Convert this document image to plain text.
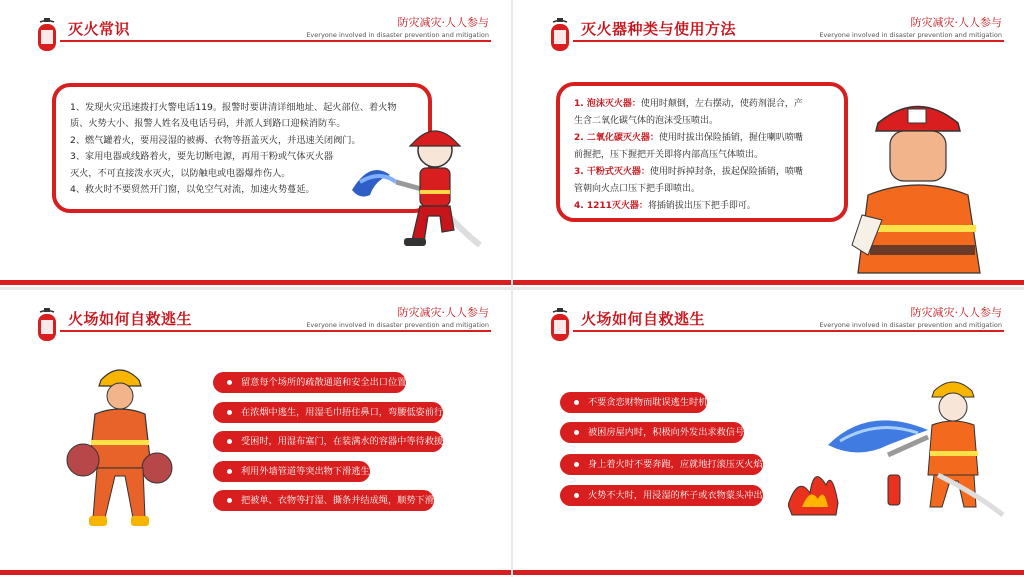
灭火常识	防灾减灾·人人参与
Everyone involved in disaster prevention and mitigation
1、发现火灾迅速拨打火警电话119。报警时要讲清详细地址、起火部位、着火物
质、火势大小、报警人姓名及电话号码，并派人到路口迎候消防车。
2、燃气罐着火，要用浸湿的被褥、衣物等捂盖灭火，并迅速关闭阀门。
3、家用电器或线路着火，要先切断电源，再用干粉或气体灭火器
灭火，不可直接泼水灭火，以防触电或电器爆炸伤人。
4、救火时不要贸然开门窗，以免空气对流，加速火势蔓延。
灭火器种类与使用方法	防灾减灾·人人参与
Everyone involved in disaster prevention and mitigation
1. 泡沫灭火器：使用时颠倒，左右摆动，使药剂混合，产
生含二氧化碳气体的泡沫受压喷出。
2. 二氧化碳灭火器：使用时拔出保险插销，握住喇叭喷嘴
前握把，压下握把开关即将内部高压气体喷出。
3. 干粉式灭火器：使用时拆掉封条，拔起保险插销，喷嘴
管朝向火点口压下把手即喷出。
4. 1211灭火器：将插销拔出压下把手即可。
火场如何自救逃生	防灾减灾·人人参与
Everyone involved in disaster prevention and mitigation
留意每个场所的疏散通道和安全出口位置
在浓烟中逃生，用湿毛巾捂住鼻口，弯腰低姿前行
受困时，用湿布塞门，在装满水的容器中等待救援
利用外墙管道等突出物下滑逃生
把被单、衣物等打湿、撕条并结成绳，顺势下滑
火场如何自救逃生	防灾减灾·人人参与
Everyone involved in disaster prevention and mitigation
不要贪恋财物而耽误逃生时机
被困房屋内时，积极向外发出求救信号
身上着火时不要奔跑，应就地打滚压灭火焰
火势不大时，用浸湿的杯子或衣物蒙头冲出
